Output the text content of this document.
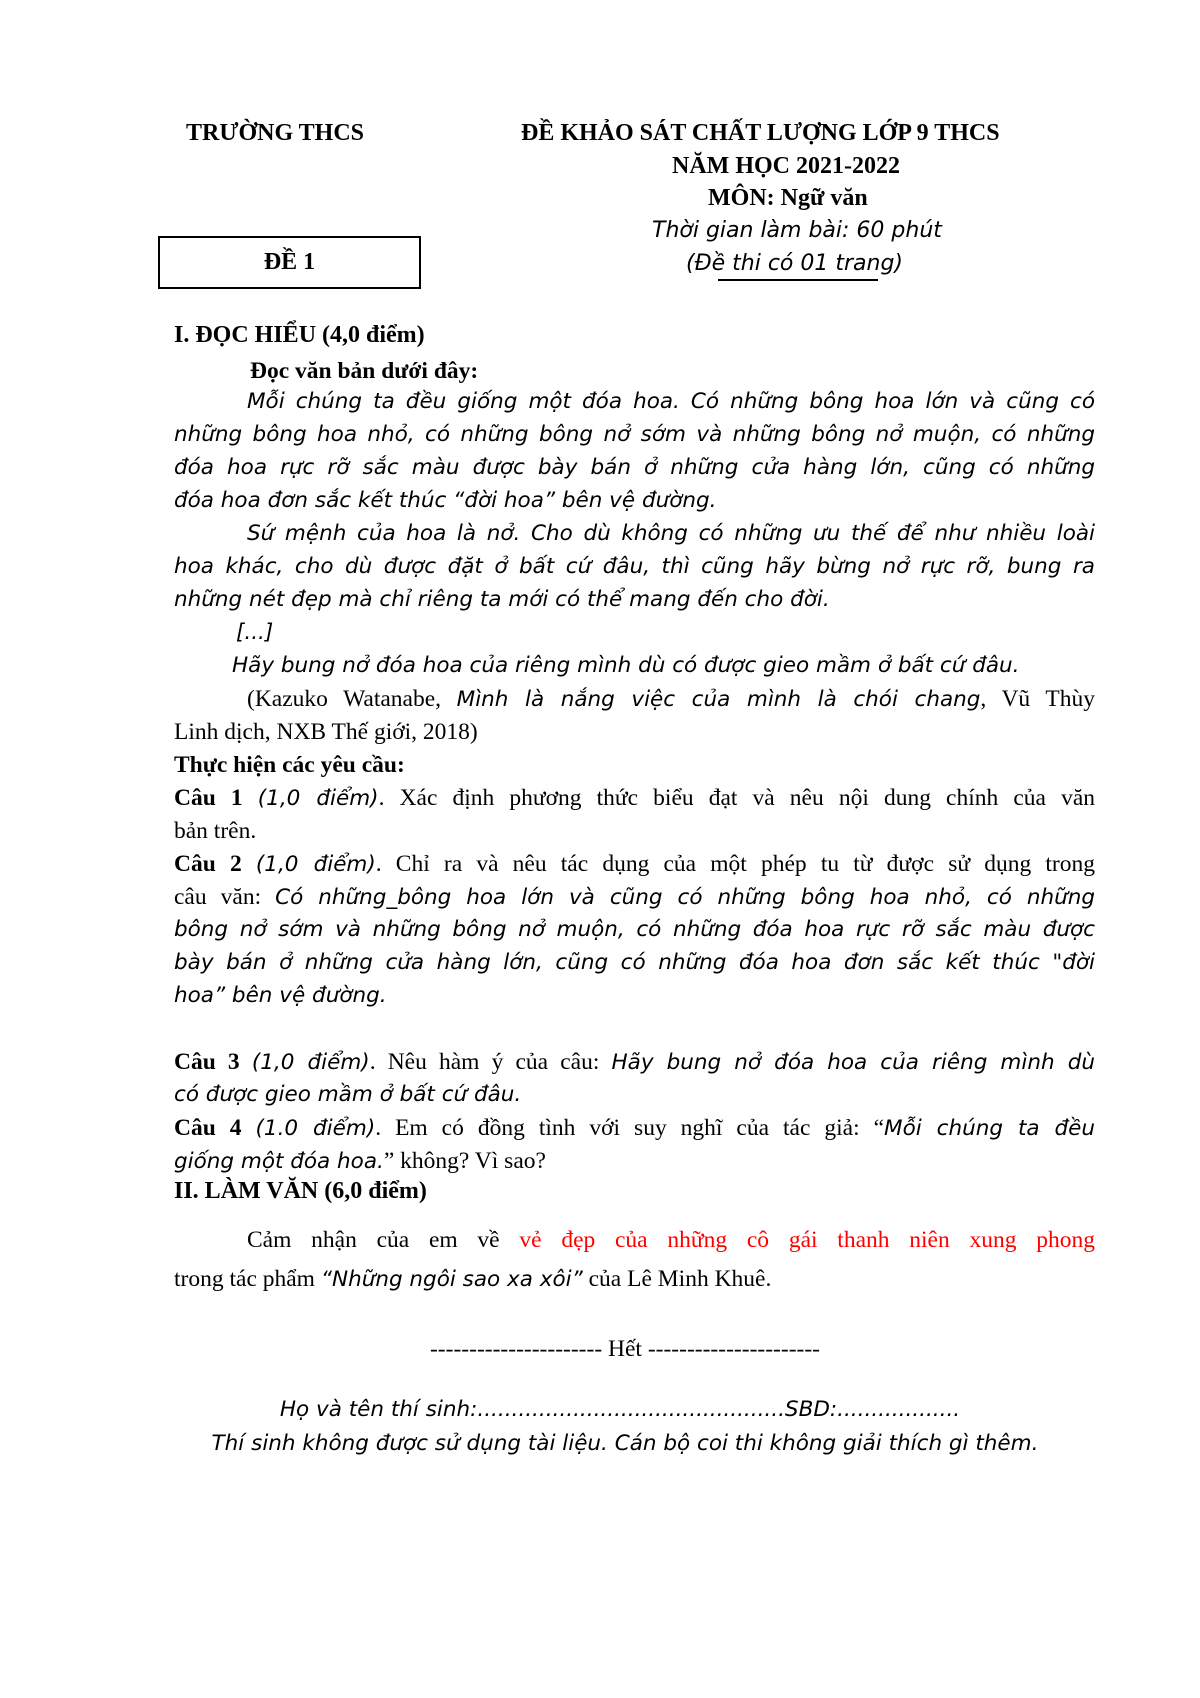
TRƯỜNG THCS	ĐỀ KHẢO SÁT CHẤT LƯỢNG LỚP 9 THCS
NĂM HỌC 2021-2022
MÔN: Ngữ văn
Thời gian làm bài: 60 phút
(Đề thi có 01 trang)
ĐỀ 1
I. ĐỌC HIỂU (4,0 điểm)
Đọc văn bản dưới đây:
Mỗi chúng ta đều giống một đóa hoa. Có những bông hoa lớn và cũng có
những bông hoa nhỏ, có những bông nở sớm và những bông nở muộn, có những
đóa hoa rực rỡ sắc màu được bày bán ở những cửa hàng lớn, cũng có những
đóa hoa đơn sắc kết thúc “đời hoa” bên vệ đường.
Sứ mệnh của hoa là nở. Cho dù không có những ưu thế để như nhiều loài
hoa khác, cho dù được đặt ở bất cứ đâu, thì cũng hãy bừng nở rực rỡ, bung ra
những nét đẹp mà chỉ riêng ta mới có thể mang đến cho đời.
[...]
Hãy bung nở đóa hoa của riêng mình dù có được gieo mầm ở bất cứ đâu.
(Kazuko Watanabe, Mình là nắng việc của mình là chói chang, Vũ Thùy
Linh dịch, NXB Thế giới, 2018)
Thực hiện các yêu cầu:
Câu 1 (1,0 điểm). Xác định phương thức biểu đạt và nêu nội dung chính của văn
bản trên.
Câu 2 (1,0 điểm). Chỉ ra và nêu tác dụng của một phép tu từ được sử dụng trong
câu văn: Có những_bông hoa lớn và cũng có những bông hoa nhỏ, có những
bông nở sớm và những bông nở muộn, có những đóa hoa rực rỡ sắc màu được
bày bán ở những cửa hàng lớn, cũng có những đóa hoa đơn sắc kết thúc "đời
hoa” bên vệ đường.
Câu 3 (1,0 điểm). Nêu hàm ý của câu: Hãy bung nở đóa hoa của riêng mình dù
có được gieo mầm ở bất cứ đâu.
Câu 4 (1.0 điểm). Em có đồng tình với suy nghĩ của tác giả: “Mỗi chúng ta đều
giống một đóa hoa.” không? Vì sao?
II. LÀM VĂN (6,0 điểm)
Cảm nhận của em về vẻ đẹp của những cô gái thanh niên xung phong
trong tác phẩm “Những ngôi sao xa xôi” của Lê Minh Khuê.
---------------------- Hết ----------------------
Họ và tên thí sinh:.............................................SBD:..................
Thí sinh không được sử dụng tài liệu. Cán bộ coi thi không giải thích gì thêm.
